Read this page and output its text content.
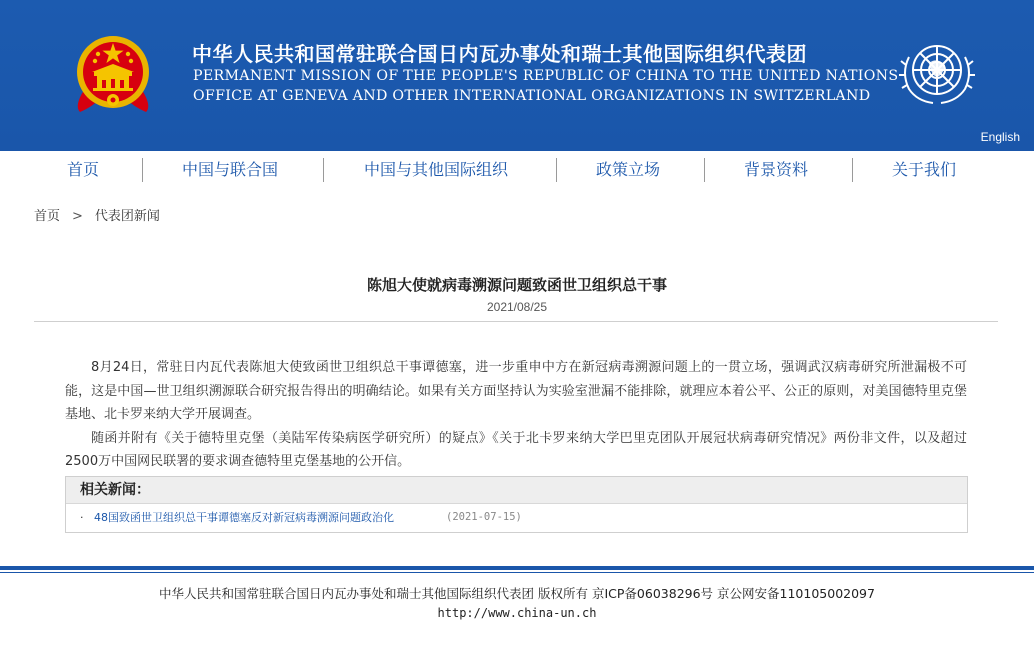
中华人民共和国常驻联合国日内瓦办事处和瑞士其他国际组织代表团
PERMANENT MISSION OF THE PEOPLE'S REPUBLIC OF CHINA TO THE UNITED NATIONS
OFFICE AT GENEVA AND OTHER INTERNATIONAL ORGANIZATIONS IN SWITZERLAND
English
首页	中国与联合国	中国与其他国际组织	政策立场	背景资料	关于我们
首页 > 代表团新闻
陈旭大使就病毒溯源问题致函世卫组织总干事
2021/08/25

8月24日，常驻日内瓦代表陈旭大使致函世卫组织总干事谭德塞，进一步重申中方在新冠病毒溯源问题上的一贯立场，强调武汉病毒研究所泄漏极不可能，这是中国—世卫组织溯源联合研究报告得出的明确结论。如果有关方面坚持认为实验室泄漏不能排除，就理应本着公平、公正的原则，对美国德特里克堡基地、北卡罗来纳大学开展调查。

随函并附有《关于德特里克堡（美陆军传染病医学研究所）的疑点》《关于北卡罗来纳大学巴里克团队开展冠状病毒研究情况》两份非文件，以及超过2500万中国网民联署的要求调查德特里克堡基地的公开信。

相关新闻：
· 48国致函世卫组织总干事谭德塞反对新冠病毒溯源问题政治化	(2021-07-15)
中华人民共和国常驻联合国日内瓦办事处和瑞士其他国际组织代表团 版权所有 京ICP备06038296号 京公网安备110105002097
http://www.china-un.ch
